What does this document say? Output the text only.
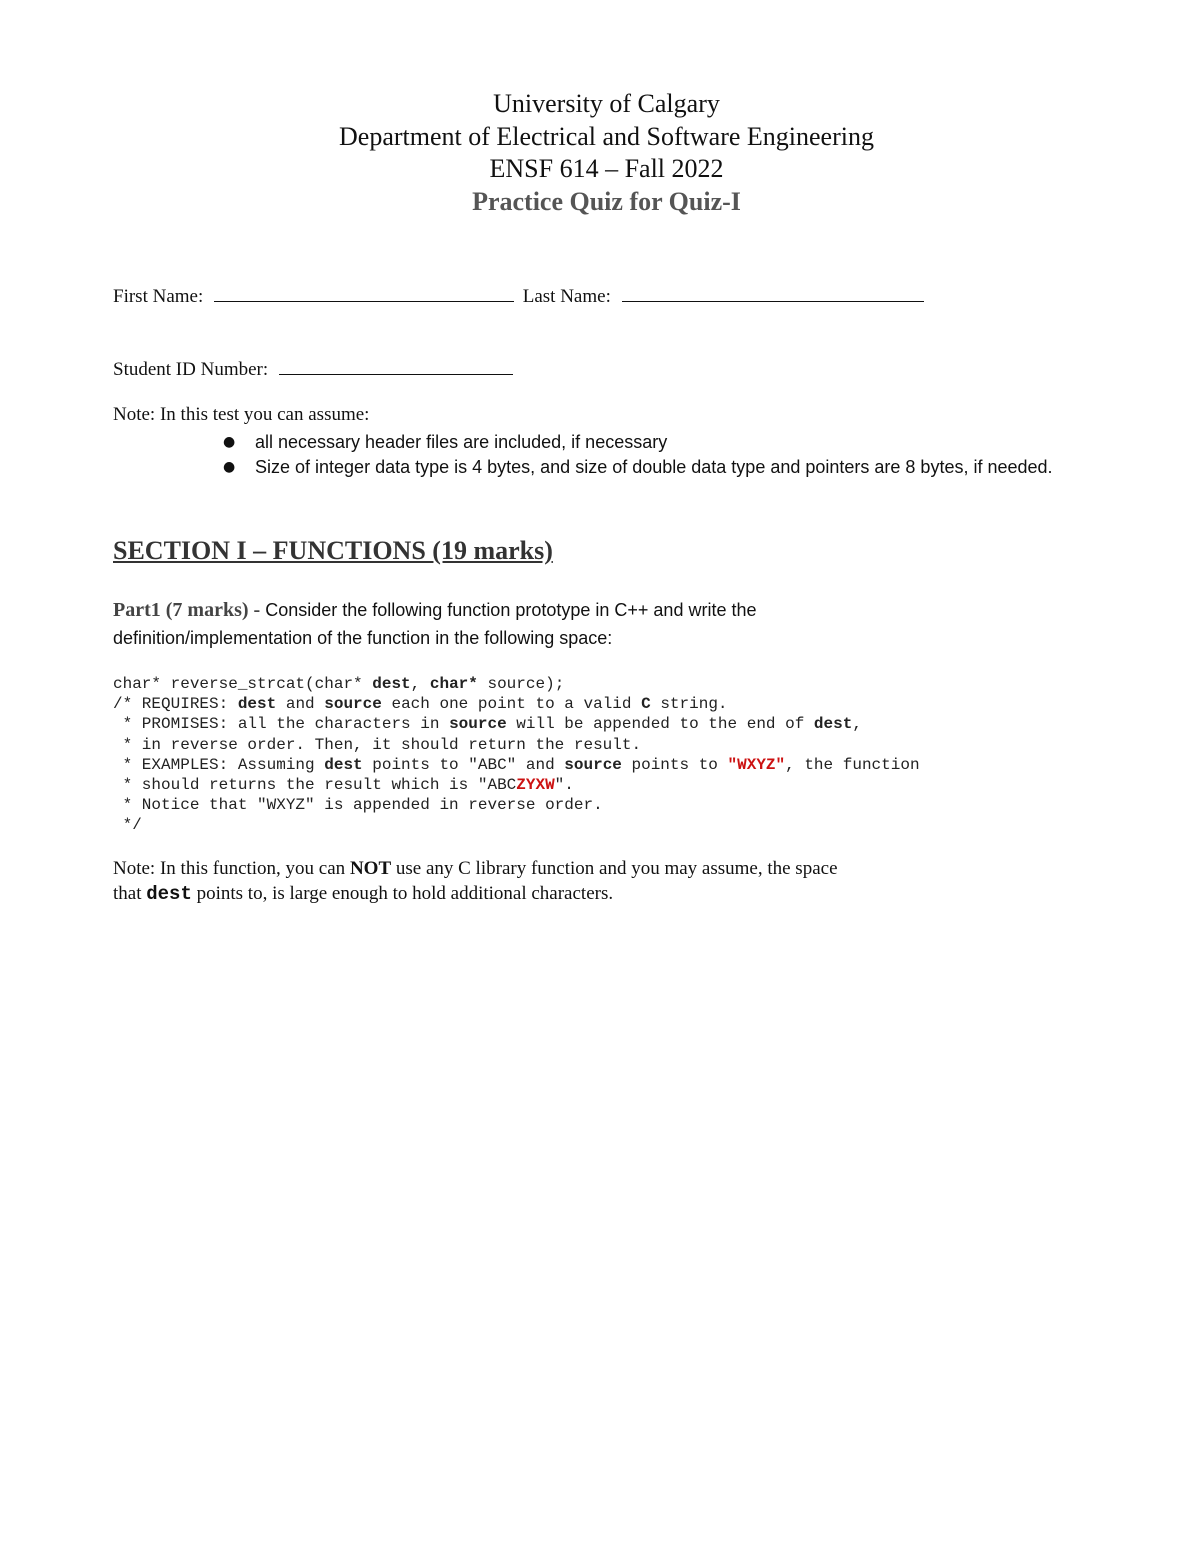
University of Calgary
Department of Electrical and Software Engineering
ENSF 614 – Fall 2022
Practice Quiz for Quiz-I
First Name:	Last Name:
Student ID Number:
Note: In this test you can assume:
● all necessary header files are included, if necessary
● Size of integer data type is 4 bytes, and size of double data type and pointers are 8 bytes, if needed.
SECTION I – FUNCTIONS (19 marks)
Part1 (7 marks) - Consider the following function prototype in C++ and write the
definition/implementation of the function in the following space:
char* reverse_strcat(char* dest, char* source);
/* REQUIRES: dest and source each one point to a valid C string.
* PROMISES: all the characters in source will be appended to the end of dest,
* in reverse order. Then, it should return the result.
* EXAMPLES: Assuming dest points to "ABC" and source points to "WXYZ", the function
* should returns the result which is "ABCZYXW".
* Notice that "WXYZ" is appended in reverse order.
*/
Note: In this function, you can NOT use any C library function and you may assume, the space
that dest points to, is large enough to hold additional characters.
